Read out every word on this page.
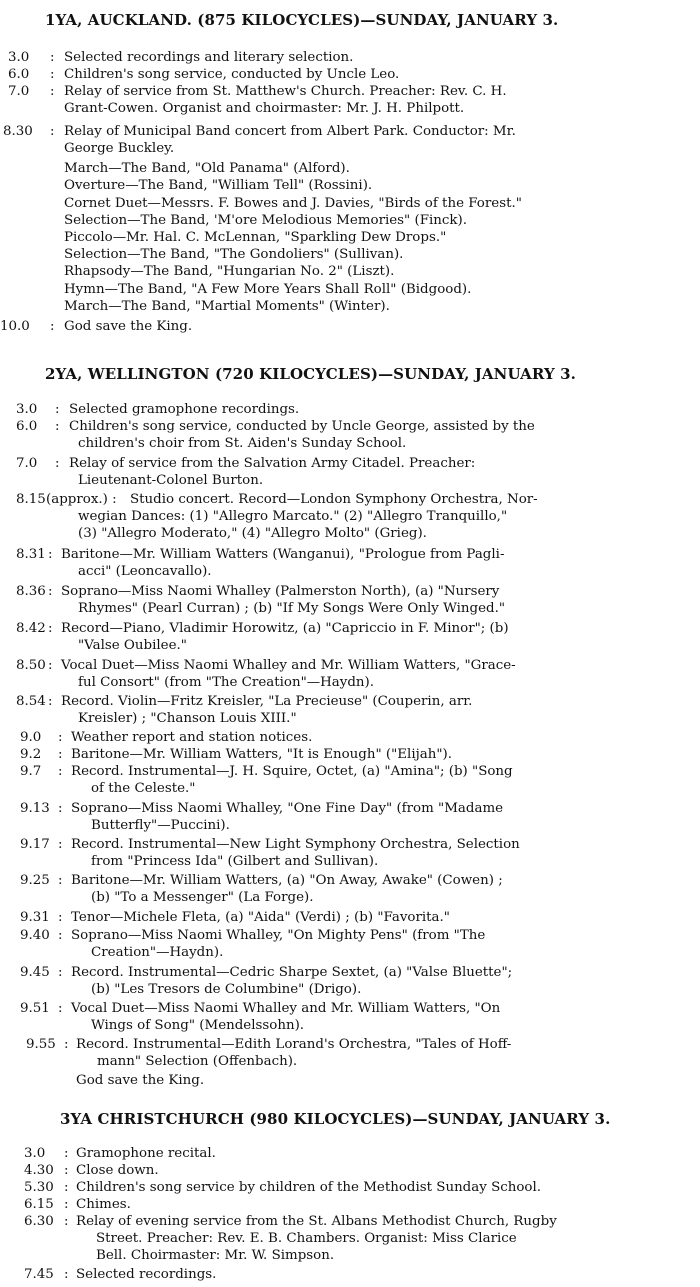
1YA, AUCKLAND. (875 KILOCYCLES)—SUNDAY, JANUARY 3.
3.0 : Selected recordings and literary selection.
6.0 : Children's song service, conducted by Uncle Leo.
7.0 : Relay of service from St. Matthew's Church. Preacher: Rev. C. H.
Grant-Cowen. Organist and choirmaster: Mr. J. H. Philpott.
8.30 : Relay of Municipal Band concert from Albert Park. Conductor: Mr.
George Buckley.
March—The Band, "Old Panama" (Alford).
Overture—The Band, "William Tell" (Rossini).
Cornet Duet—Messrs. F. Bowes and J. Davies, "Birds of the Forest."
Selection—The Band, 'M'ore Melodious Memories" (Finck).
Piccolo—Mr. Hal. C. McLennan, "Sparkling Dew Drops."
Selection—The Band, "The Gondoliers" (Sullivan).
Rhapsody—The Band, "Hungarian No. 2" (Liszt).
Hymn—The Band, "A Few More Years Shall Roll" (Bidgood).
March—The Band, "Martial Moments" (Winter).
10.0 : God save the King.
2YA, WELLINGTON (720 KILOCYCLES)—SUNDAY, JANUARY 3.
3.0 : Selected gramophone recordings.
6.0 : Children's song service, conducted by Uncle George, assisted by the
children's choir from St. Aiden's Sunday School.
7.0 : Relay of service from the Salvation Army Citadel. Preacher:
Lieutenant-Colonel Burton.
8.15 (approx.) : Studio concert. Record—London Symphony Orchestra, Nor-
wegian Dances: (1) "Allegro Marcato." (2) "Allegro Tranquillo,"
(3) "Allegro Moderato," (4) "Allegro Molto" (Grieg).
8.31 : Baritone—Mr. William Watters (Wanganui), "Prologue from Pagli-
acci" (Leoncavallo).
8.36 : Soprano—Miss Naomi Whalley (Palmerston North), (a) "Nursery
Rhymes" (Pearl Curran) ; (b) "If My Songs Were Only Winged."
8.42 : Record—Piano, Vladimir Horowitz, (a) "Capriccio in F. Minor"; (b)
"Valse Oubilee."
8.50 : Vocal Duet—Miss Naomi Whalley and Mr. William Watters, "Grace-
ful Consort" (from "The Creation"—Haydn).
8.54 : Record. Violin—Fritz Kreisler, "La Precieuse" (Couperin, arr.
Kreisler) ; "Chanson Louis XIII."
9.0 : Weather report and station notices.
9.2 : Baritone—Mr. William Watters, "It is Enough" ("Elijah").
9.7 : Record. Instrumental—J. H. Squire, Octet, (a) "Amina"; (b) "Song
of the Celeste."
9.13 : Soprano—Miss Naomi Whalley, "One Fine Day" (from "Madame
Butterfly"—Puccini).
9.17 : Record. Instrumental—New Light Symphony Orchestra, Selection
from "Princess Ida" (Gilbert and Sullivan).
9.25 : Baritone—Mr. William Watters, (a) "On Away, Awake" (Cowen) ;
(b) "To a Messenger" (La Forge).
9.31 : Tenor—Michele Fleta, (a) "Aida" (Verdi) ; (b) "Favorita."
9.40 : Soprano—Miss Naomi Whalley, "On Mighty Pens" (from "The
Creation"—Haydn).
9.45 : Record. Instrumental—Cedric Sharpe Sextet, (a) "Valse Bluette";
(b) "Les Tresors de Columbine" (Drigo).
9.51 : Vocal Duet—Miss Naomi Whalley and Mr. William Watters, "On
Wings of Song" (Mendelssohn).
9.55 : Record. Instrumental—Edith Lorand's Orchestra, "Tales of Hoff-
mann" Selection (Offenbach).
God save the King.
3YA CHRISTCHURCH (980 KILOCYCLES)—SUNDAY, JANUARY 3.
3.0 : Gramophone recital.
4.30 : Close down.
5.30 : Children's song service by children of the Methodist Sunday School.
6.15 : Chimes.
6.30 : Relay of evening service from the St. Albans Methodist Church, Rugby
Street. Preacher: Rev. E. B. Chambers. Organist: Miss Clarice
Bell. Choirmaster: Mr. W. Simpson.
7.45 : Selected recordings.
